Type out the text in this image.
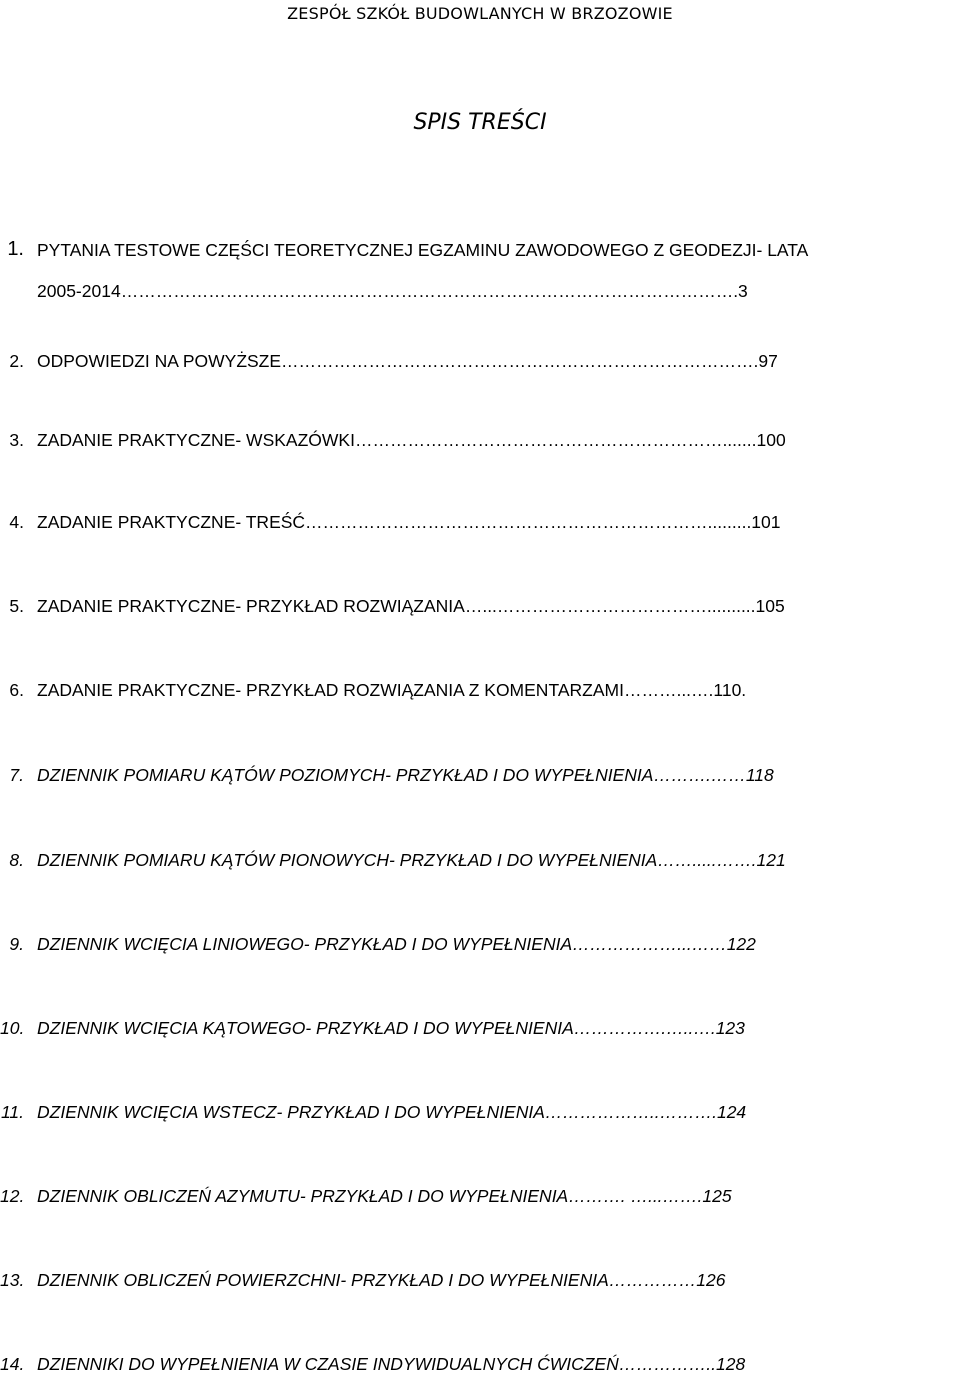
ZESPÓŁ SZKÓŁ BUDOWLANYCH W BRZOZOWIE
SPIS TREŚCI
1. PYTANIA TESTOWE CZĘŚCI TEORETYCZNEJ EGZAMINU ZAWODOWEGO Z GEODEZJI- LATA
2005-2014…………………………………………………………………………………………….3
2. ODPOWIEDZI NA POWYŻSZE……………………………………………………………………….97
3. ZADANIE PRAKTYCZNE- WSKAZÓWKI……………………………………………………….......100
4. ZADANIE PRAKTYCZNE- TREŚĆ…………………………………………………………….........101
5. ZADANIE PRAKTYCZNE- PRZYKŁAD ROZWIĄZANIA…...………………………………..........105
6. ZADANIE PRAKTYCZNE- PRZYKŁAD ROZWIĄZANIA Z KOMENTARZAMI………...….110.
7. DZIENNIK POMIARU KĄTÓW POZIOMYCH- PRZYKŁAD I DO WYPEŁNIENIA……….……118
8. DZIENNIK POMIARU KĄTÓW PIONOWYCH- PRZYKŁAD I DO WYPEŁNIENIA…….....…….121
9. DZIENNIK WCIĘCIA LINIOWEGO- PRZYKŁAD I DO WYPEŁNIENIA………………...……122
10. DZIENNIK WCIĘCIA KĄTOWEGO- PRZYKŁAD I DO WYPEŁNIENIA…………….…..….123
11. DZIENNIK WCIĘCIA WSTECZ- PRZYKŁAD I DO WYPEŁNIENIA………………..……….124
12. DZIENNIK OBLICZEŃ AZYMUTU- PRZYKŁAD I DO WYPEŁNIENIA………. …...…….125
13. DZIENNIK OBLICZEŃ POWIERZCHNI- PRZYKŁAD I DO WYPEŁNIENIA……………126
14. DZIENNIKI DO WYPEŁNIENIA W CZASIE INDYWIDUALNYCH ĆWICZEŃ……………..128
